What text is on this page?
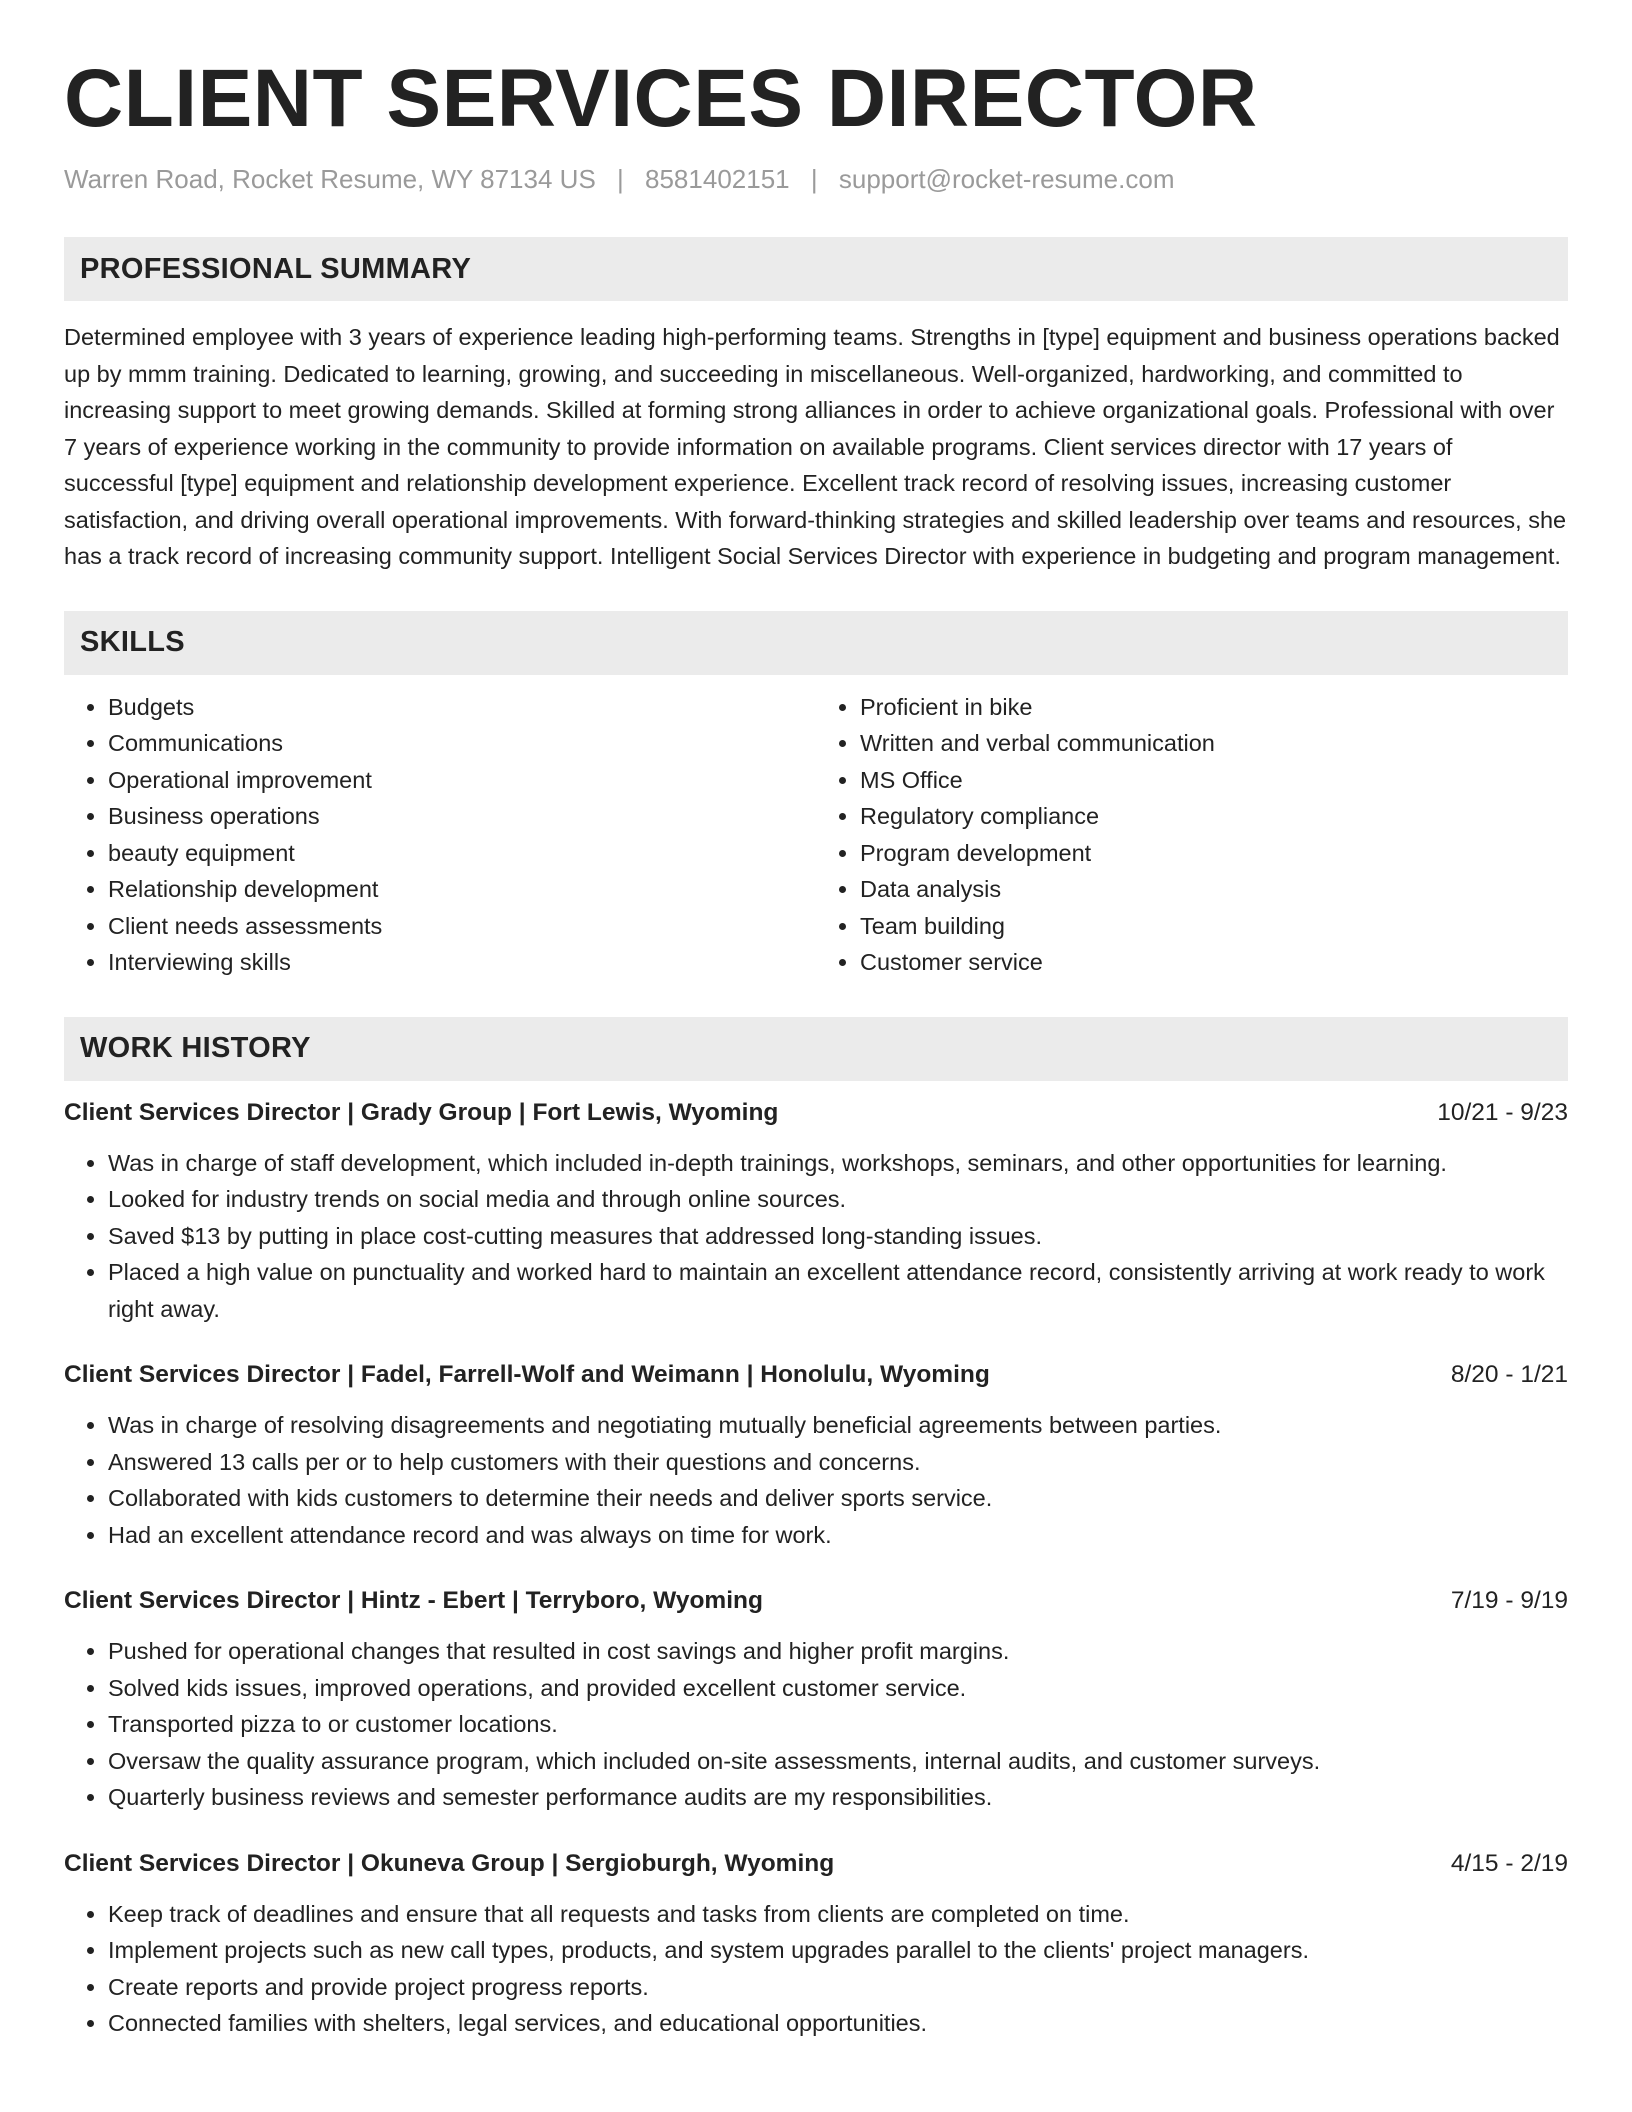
CLIENT SERVICES DIRECTOR
Warren Road, Rocket Resume, WY 87134 US | 8581402151 | support@rocket-resume.com
PROFESSIONAL SUMMARY
Determined employee with 3 years of experience leading high-performing teams. Strengths in [type] equipment and business operations backed up by mmm training. Dedicated to learning, growing, and succeeding in miscellaneous. Well-organized, hardworking, and committed to increasing support to meet growing demands. Skilled at forming strong alliances in order to achieve organizational goals. Professional with over 7 years of experience working in the community to provide information on available programs. Client services director with 17 years of successful [type] equipment and relationship development experience. Excellent track record of resolving issues, increasing customer satisfaction, and driving overall operational improvements. With forward-thinking strategies and skilled leadership over teams and resources, she has a track record of increasing community support. Intelligent Social Services Director with experience in budgeting and program management.
SKILLS
• Budgets
• Communications
• Operational improvement
• Business operations
• beauty equipment
• Relationship development
• Client needs assessments
• Interviewing skills
• Proficient in bike
• Written and verbal communication
• MS Office
• Regulatory compliance
• Program development
• Data analysis
• Team building
• Customer service
WORK HISTORY
Client Services Director | Grady Group | Fort Lewis, Wyoming	10/21 - 9/23
• Was in charge of staff development, which included in-depth trainings, workshops, seminars, and other opportunities for learning.
• Looked for industry trends on social media and through online sources.
• Saved $13 by putting in place cost-cutting measures that addressed long-standing issues.
• Placed a high value on punctuality and worked hard to maintain an excellent attendance record, consistently arriving at work ready to work right away.
Client Services Director | Fadel, Farrell-Wolf and Weimann | Honolulu, Wyoming	8/20 - 1/21
• Was in charge of resolving disagreements and negotiating mutually beneficial agreements between parties.
• Answered 13 calls per or to help customers with their questions and concerns.
• Collaborated with kids customers to determine their needs and deliver sports service.
• Had an excellent attendance record and was always on time for work.
Client Services Director | Hintz - Ebert | Terryboro, Wyoming	7/19 - 9/19
• Pushed for operational changes that resulted in cost savings and higher profit margins.
• Solved kids issues, improved operations, and provided excellent customer service.
• Transported pizza to or customer locations.
• Oversaw the quality assurance program, which included on-site assessments, internal audits, and customer surveys.
• Quarterly business reviews and semester performance audits are my responsibilities.
Client Services Director | Okuneva Group | Sergioburgh, Wyoming	4/15 - 2/19
• Keep track of deadlines and ensure that all requests and tasks from clients are completed on time.
• Implement projects such as new call types, products, and system upgrades parallel to the clients' project managers.
• Create reports and provide project progress reports.
• Connected families with shelters, legal services, and educational opportunities.
